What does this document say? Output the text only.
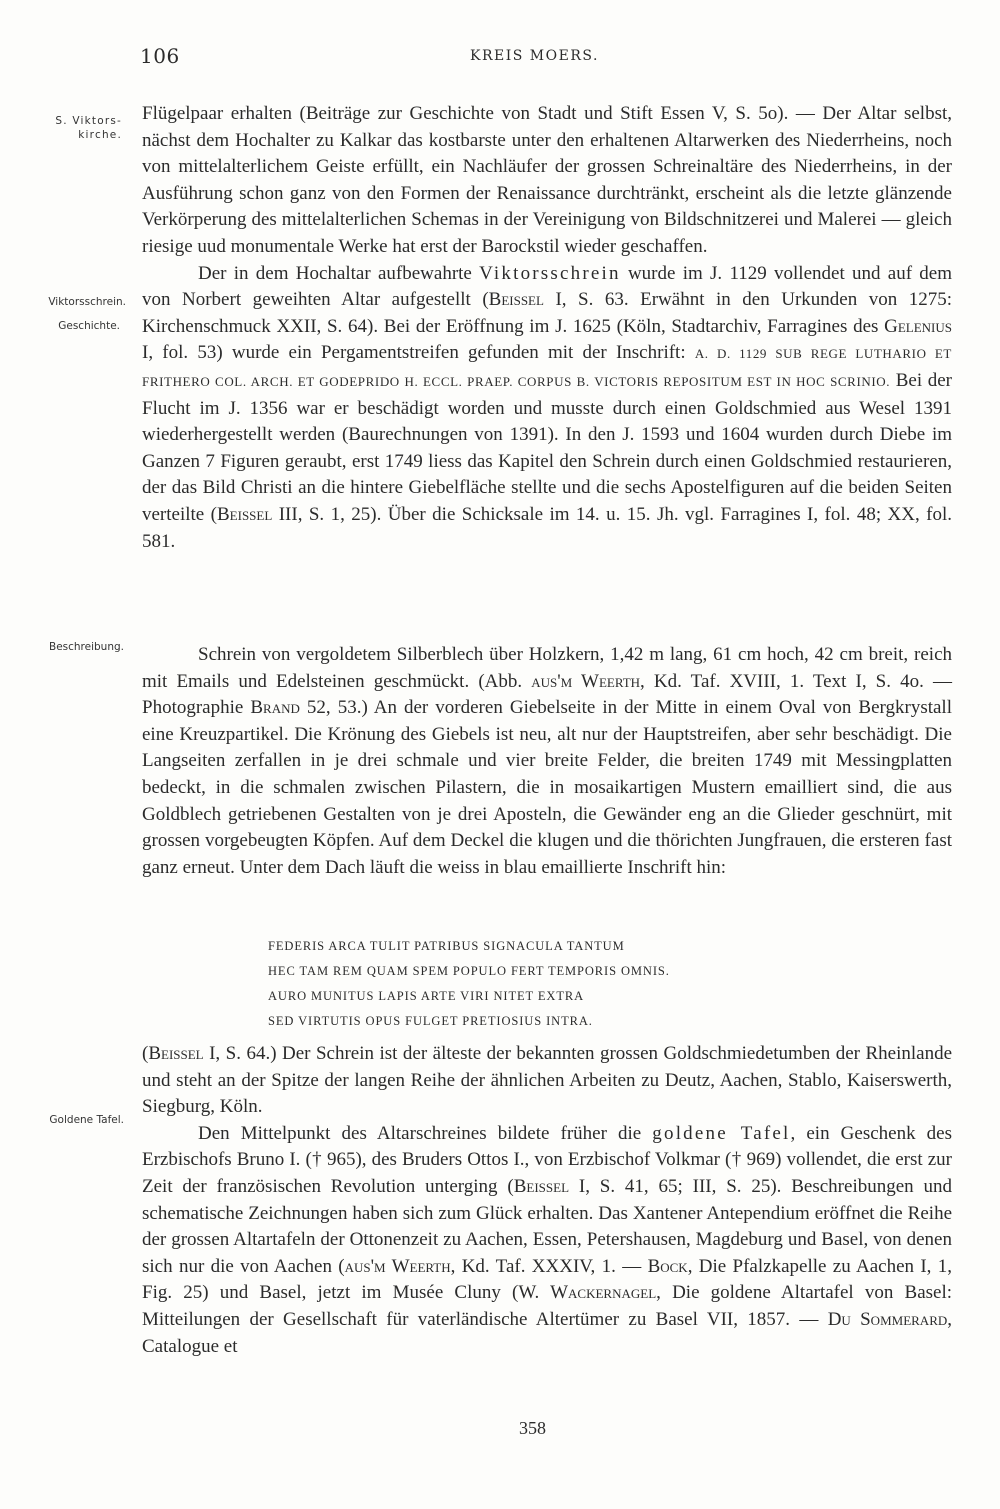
106	KREIS MOERS.
S. Viktors- kirche.
Viktorsschrein.
Geschichte.
Beschreibung.
Goldene Tafel.

Flügelpaar erhalten (Beiträge zur Geschichte von Stadt und Stift Essen V, S. 5o). — Der Altar selbst, nächst dem Hochalter zu Kalkar das kostbarste unter den erhaltenen Altarwerken des Niederrheins, noch von mittelalterlichem Geiste erfüllt, ein Nachläufer der grossen Schreinaltäre des Niederrheins, in der Ausführung schon ganz von den Formen der Renaissance durchtränkt, erscheint als die letzte glänzende Verkörperung des mittelalterlichen Schemas in der Vereinigung von Bildschnitzerei und Malerei — gleich riesige uud monumentale Werke hat erst der Barockstil wieder geschaffen.

Der in dem Hochaltar aufbewahrte Viktorsschrein wurde im J. 1129 vollendet und auf dem von Norbert geweihten Altar aufgestellt (Beissel I, S. 63. Erwähnt in den Urkunden von 1275: Kirchenschmuck XXII, S. 64). Bei der Eröffnung im J. 1625 (Köln, Stadtarchiv, Farragines des Gelenius I, fol. 53) wurde ein Pergamentstreifen gefunden mit der Inschrift: A. D. 1129 SUB REGE LUTHARIO ET FRITHERO COL. ARCH. ET GODEPRIDO H. ECCL. PRAEP. CORPUS B. VICTORIS REPOSITUM EST IN HOC SCRINIO. Bei der Flucht im J. 1356 war er beschädigt worden und musste durch einen Goldschmied aus Wesel 1391 wiederhergestellt werden (Baurechnungen von 1391). In den J. 1593 und 1604 wurden durch Diebe im Ganzen 7 Figuren geraubt, erst 1749 liess das Kapitel den Schrein durch einen Goldschmied restaurieren, der das Bild Christi an die hintere Giebelfläche stellte und die sechs Apostelfiguren auf die beiden Seiten verteilte (Beissel III, S. 1, 25). Über die Schicksale im 14. u. 15. Jh. vgl. Farragines I, fol. 48; XX, fol. 581.

Schrein von vergoldetem Silberblech über Holzkern, 1,42 m lang, 61 cm hoch, 42 cm breit, reich mit Emails und Edelsteinen geschmückt. (Abb. aus'm Weerth, Kd. Taf. XVIII, 1. Text I, S. 4o. — Photographie Brand 52, 53.) An der vorderen Giebelseite in der Mitte in einem Oval von Bergkrystall eine Kreuzpartikel. Die Krönung des Giebels ist neu, alt nur der Hauptstreifen, aber sehr beschädigt. Die Langseiten zerfallen in je drei schmale und vier breite Felder, die breiten 1749 mit Messingplatten bedeckt, in die schmalen zwischen Pilastern, die in mosaikartigen Mustern emailliert sind, die aus Goldblech getriebenen Gestalten von je drei Aposteln, die Gewänder eng an die Glieder geschnürt, mit grossen vorgebeugten Köpfen. Auf dem Deckel die klugen und die thörichten Jungfrauen, die ersteren fast ganz erneut. Unter dem Dach läuft die weiss in blau emaillierte Inschrift hin:

FEDERIS ARCA TULIT PATRIBUS SIGNACULA TANTUM
HEC TAM REM QUAM SPEM POPULO FERT TEMPORIS OMNIS.
AURO MUNITUS LAPIS ARTE VIRI NITET EXTRA
SED VIRTUTIS OPUS FULGET PRETIOSIUS INTRA.

(Beissel I, S. 64.) Der Schrein ist der älteste der bekannten grossen Goldschmiedetumben der Rheinlande und steht an der Spitze der langen Reihe der ähnlichen Arbeiten zu Deutz, Aachen, Stablo, Kaiserswerth, Siegburg, Köln.

Den Mittelpunkt des Altarschreines bildete früher die goldene Tafel, ein Geschenk des Erzbischofs Bruno I. († 965), des Bruders Ottos I., von Erzbischof Volkmar († 969) vollendet, die erst zur Zeit der französischen Revolution unterging (Beissel I, S. 41, 65; III, S. 25). Beschreibungen und schematische Zeichnungen haben sich zum Glück erhalten. Das Xantener Antependium eröffnet die Reihe der grossen Altartafeln der Ottonenzeit zu Aachen, Essen, Petershausen, Magdeburg und Basel, von denen sich nur die von Aachen (aus'm Weerth, Kd. Taf. XXXIV, 1. — Bock, Die Pfalzkapelle zu Aachen I, 1, Fig. 25) und Basel, jetzt im Musée Cluny (W. Wackernagel, Die goldene Altartafel von Basel: Mitteilungen der Gesellschaft für vaterländische Altertümer zu Basel VII, 1857. — Du Sommerard, Catalogue et

358
